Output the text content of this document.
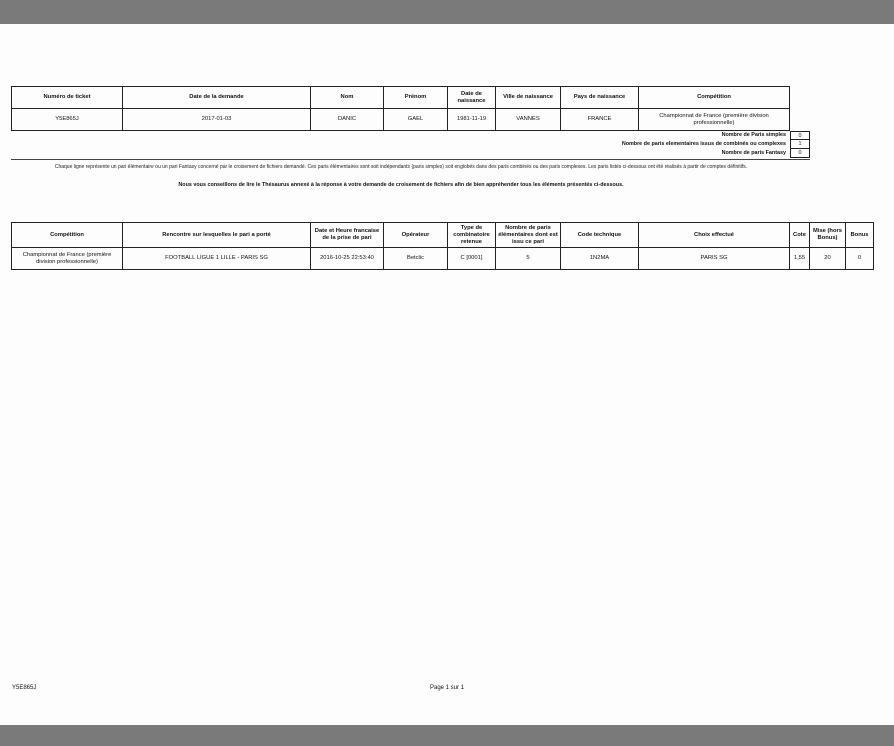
Numéro de ticket	Date de la demande	Nom	Prénom	Date de naissance	Ville de naissance	Pays de naissance	Compétition
Y5E865J	2017-01-03	DANIC	GAEL	1981-11-19	VANNES	FRANCE	Championnat de France (première division professionnelle)
Nombre de Paris simples	0
Nombre de paris elementaires issus de combinés ou complexes	1
Nombre de paris Fantasy	0
Chaque ligne représente un pari élémentaire ou un pari Fantasy concerné par le croisement de fichiers demandé. Ces paris élémentaires sont soit indépendants (paris simples) soit englobés dans des paris combinés ou des paris complexes. Les paris listés ci-dessous ont été réalisés à partir de comptes définitifs.
Nous vous conseillons de lire le Thésaurus annexé à la réponse à votre demande de croisement de fichiers afin de bien appréhender tous les éléments présentés ci-dessous.
Compétition	Rencontre sur lesquelles le pari a porté	Date et Heure francaise de la prise de pari	Opérateur	Type de combinatoire retenue	Nombre de paris élémentaires dont est issu ce pari	Code technique	Choix effectué	Cote	Mise (hors Bonus)	Bonus
Championnat de France (première division professionnelle)	FOOTBALL LIGUE 1 LILLE - PARIS SG	2016-10-25 22:53:40	Betclic	C [0001]	5	1N2MA	PARIS SG	1,55	20	0
Y5E865J	Page 1 sur 1
